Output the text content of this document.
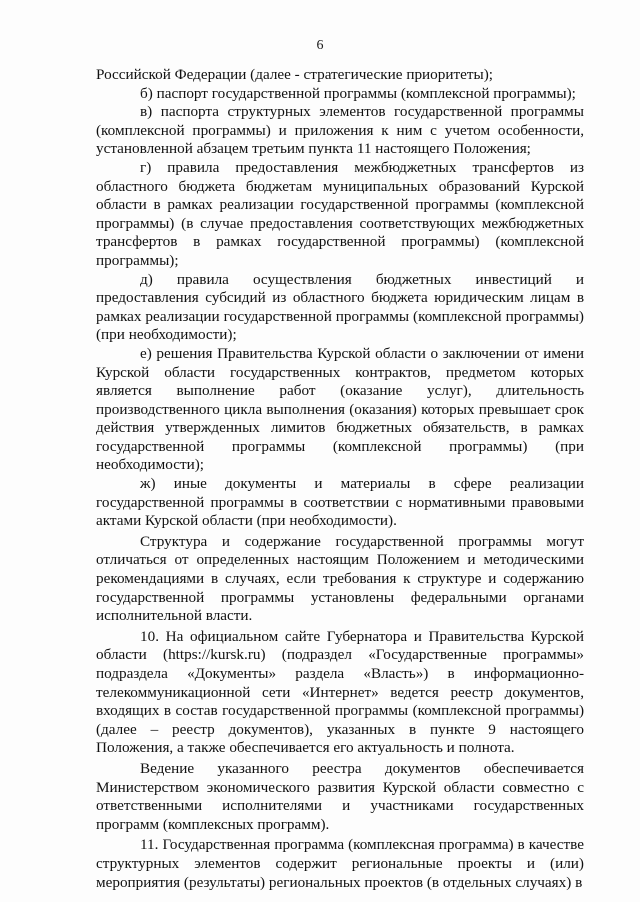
6

Российской Федерации (далее - стратегические приоритеты);

б) паспорт государственной программы (комплексной программы);

в) паспорта структурных элементов государственной программы (комплексной программы) и приложения к ним с учетом особенности, установленной абзацем третьим пункта 11 настоящего Положения;

г) правила предоставления межбюджетных трансфертов из областного бюджета бюджетам муниципальных образований Курской области в рамках реализации государственной программы (комплексной программы) (в случае предоставления соответствующих межбюджетных трансфертов в рамках государственной программы) (комплексной программы);

д) правила осуществления бюджетных инвестиций и предоставления субсидий из областного бюджета юридическим лицам в рамках реализации государственной программы (комплексной программы) (при необходимости);

е) решения Правительства Курской области о заключении от имени Курской области государственных контрактов, предметом которых является выполнение работ (оказание услуг), длительность производственного цикла выполнения (оказания) которых превышает срок действия утвержденных лимитов бюджетных обязательств, в рамках государственной программы (комплексной программы) (при необходимости);

ж) иные документы и материалы в сфере реализации государственной программы в соответствии с нормативными правовыми актами Курской области (при необходимости).

Структура и содержание государственной программы могут отличаться от определенных настоящим Положением и методическими рекомендациями в случаях, если требования к структуре и содержанию государственной программы установлены федеральными органами исполнительной власти.

10. На официальном сайте Губернатора и Правительства Курской области (https://kursk.ru) (подраздел «Государственные программы» подраздела «Документы» раздела «Власть») в информационно-телекоммуникационной сети «Интернет» ведется реестр документов, входящих в состав государственной программы (комплексной программы) (далее – реестр документов), указанных в пункте 9 настоящего Положения, а также обеспечивается его актуальность и полнота.

Ведение указанного реестра документов обеспечивается Министерством экономического развития Курской области совместно с ответственными исполнителями и участниками государственных программ (комплексных программ).

11. Государственная программа (комплексная программа) в качестве структурных элементов содержит региональные проекты и (или) мероприятия (результаты) региональных проектов (в отдельных случаях) в
